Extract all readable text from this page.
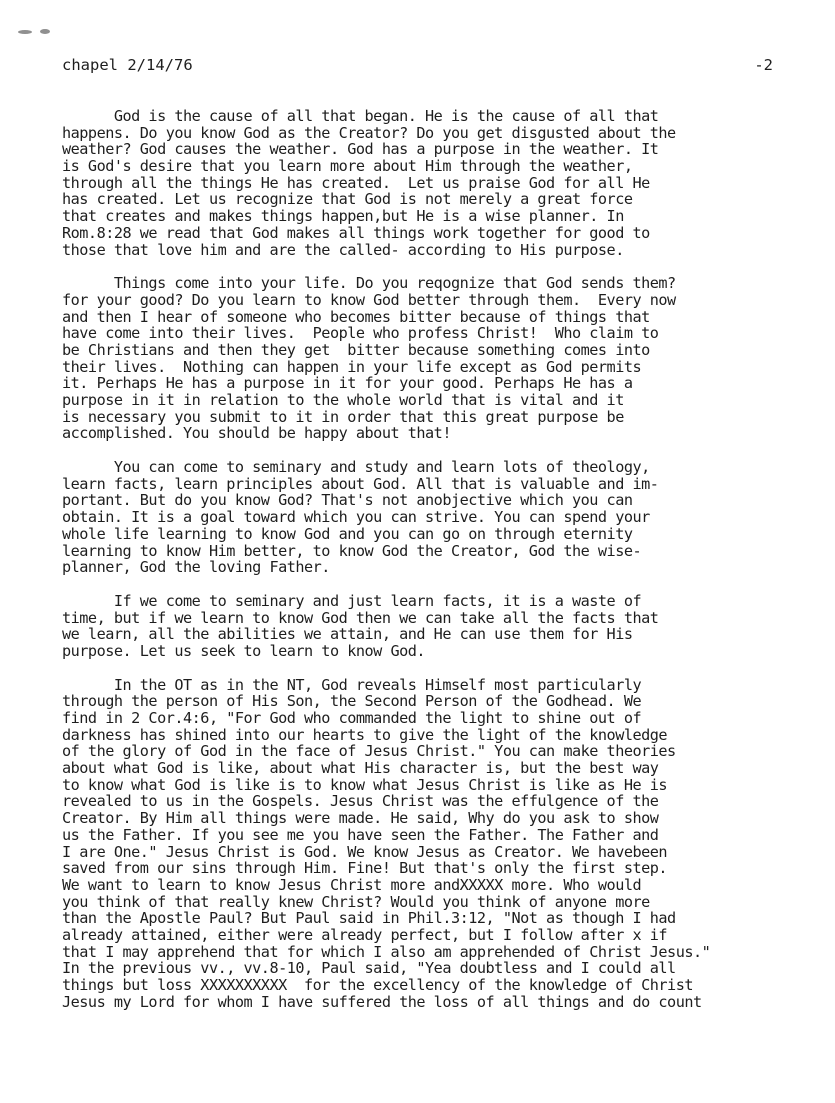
chapel 2/14/76	-2
God is the cause of all that began. He is the cause of all that
happens. Do you know God as the Creator? Do you get disgusted about the
weather? God causes the weather. God has a purpose in the weather. It
is God's desire that you learn more about Him through the weather,
through all the things He has created.  Let us praise God for all He
has created. Let us recognize that God is not merely a great force
that creates and makes things happen,but He is a wise planner. In
Rom.8:28 we read that God makes all things work together for good to
those that love him and are the called- according to His purpose.
Things come into your life. Do you reqognize that God sends them?
for your good? Do you learn to know God better through them.  Every now
and then I hear of someone who becomes bitter because of things that
have come into their lives.  People who profess Christ!  Who claim to
be Christians and then they get  bitter because something comes into
their lives.  Nothing can happen in your life except as God permits
it. Perhaps He has a purpose in it for your good. Perhaps He has a
purpose in it in relation to the whole world that is vital and it
is necessary you submit to it in order that this great purpose be
accomplished. You should be happy about that!
You can come to seminary and study and learn lots of theology,
learn facts, learn principles about God. All that is valuable and im-
portant. But do you know God? That's not anobjective which you can
obtain. It is a goal toward which you can strive. You can spend your
whole life learning to know God and you can go on through eternity
learning to know Him better, to know God the Creator, God the wise-
planner, God the loving Father.
If we come to seminary and just learn facts, it is a waste of
time, but if we learn to know God then we can take all the facts that
we learn, all the abilities we attain, and He can use them for His
purpose. Let us seek to learn to know God.
In the OT as in the NT, God reveals Himself most particularly
through the person of His Son, the Second Person of the Godhead. We
find in 2 Cor.4:6, "For God who commanded the light to shine out of
darkness has shined into our hearts to give the light of the knowledge
of the glory of God in the face of Jesus Christ." You can make theories
about what God is like, about what His character is, but the best way
to know what God is like is to know what Jesus Christ is like as He is
revealed to us in the Gospels. Jesus Christ was the effulgence of the
Creator. By Him all things were made. He said, Why do you ask to show
us the Father. If you see me you have seen the Father. The Father and
I are One." Jesus Christ is God. We know Jesus as Creator. We havebeen
saved from our sins through Him. Fine! But that's only the first step.
We want to learn to know Jesus Christ more andXXXXX more. Who would
you think of that really knew Christ? Would you think of anyone more
than the Apostle Paul? But Paul said in Phil.3:12, "Not as though I had
already attained, either were already perfect, but I follow after x if
that I may apprehend that for which I also am apprehended of Christ Jesus."
In the previous vv., vv.8-10, Paul said, "Yea doubtless and I could all
things but loss XXXXXXXXXX  for the excellency of the knowledge of Christ
Jesus my Lord for whom I have suffered the loss of all things and do count
